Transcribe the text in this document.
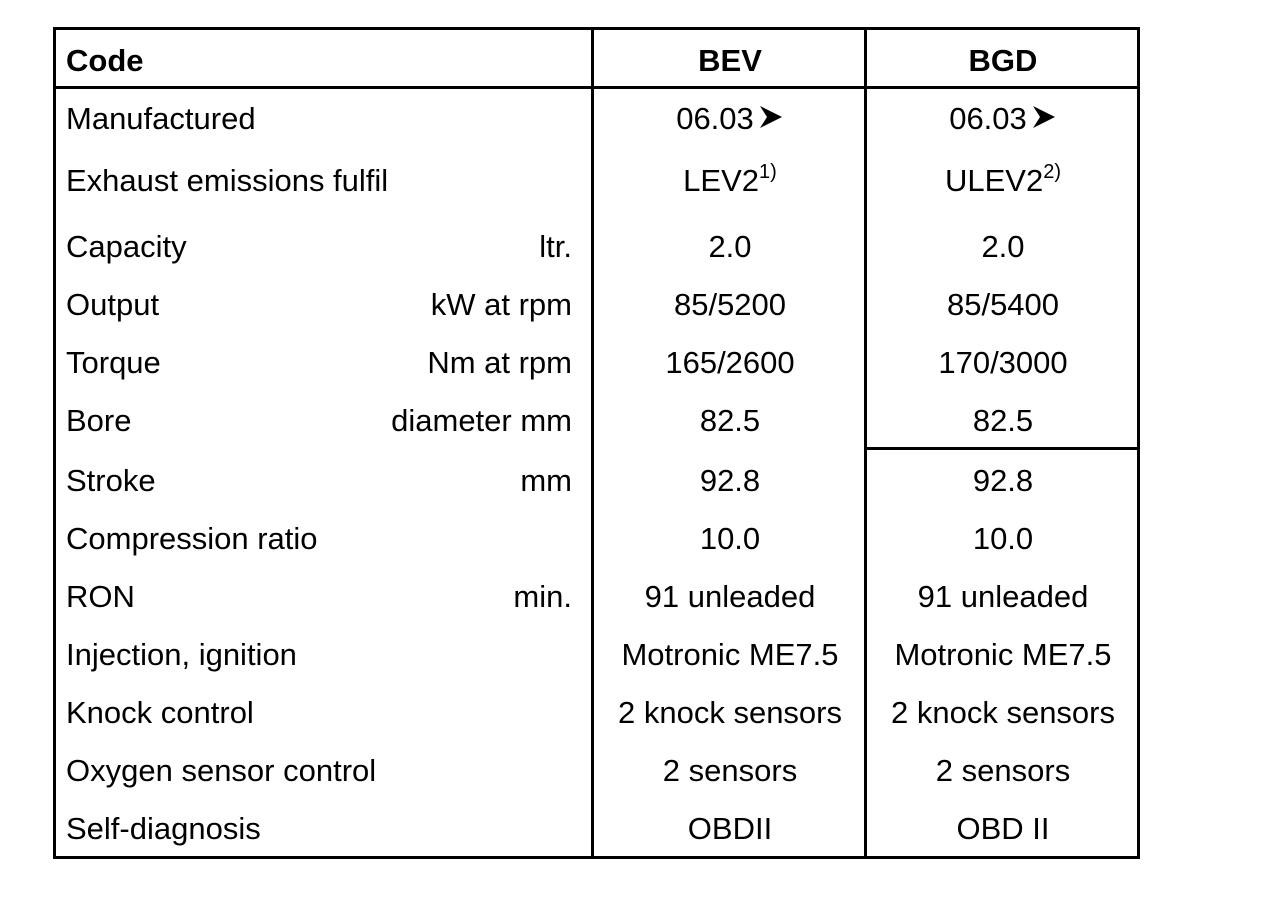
Code	BEV	BGD
Manufactured	06.03	06.03
Exhaust emissions fulfil	LEV2$^{1)}$	ULEV2$^{2)}$
Capacity	ltr.	2.0	2.0
Output	kW at rpm	85/5200	85/5400
Torque	Nm at rpm	165/2600	170/3000
Bore	diameter mm	82.5	82.5
Stroke	mm	92.8	92.8
Compression ratio	10.0	10.0
RON	min.	91 unleaded	91 unleaded
Injection, ignition	Motronic ME7.5	Motronic ME7.5
Knock control	2 knock sensors	2 knock sensors
Oxygen sensor control	2 sensors	2 sensors
Self-diagnosis	OBDII	OBD II
